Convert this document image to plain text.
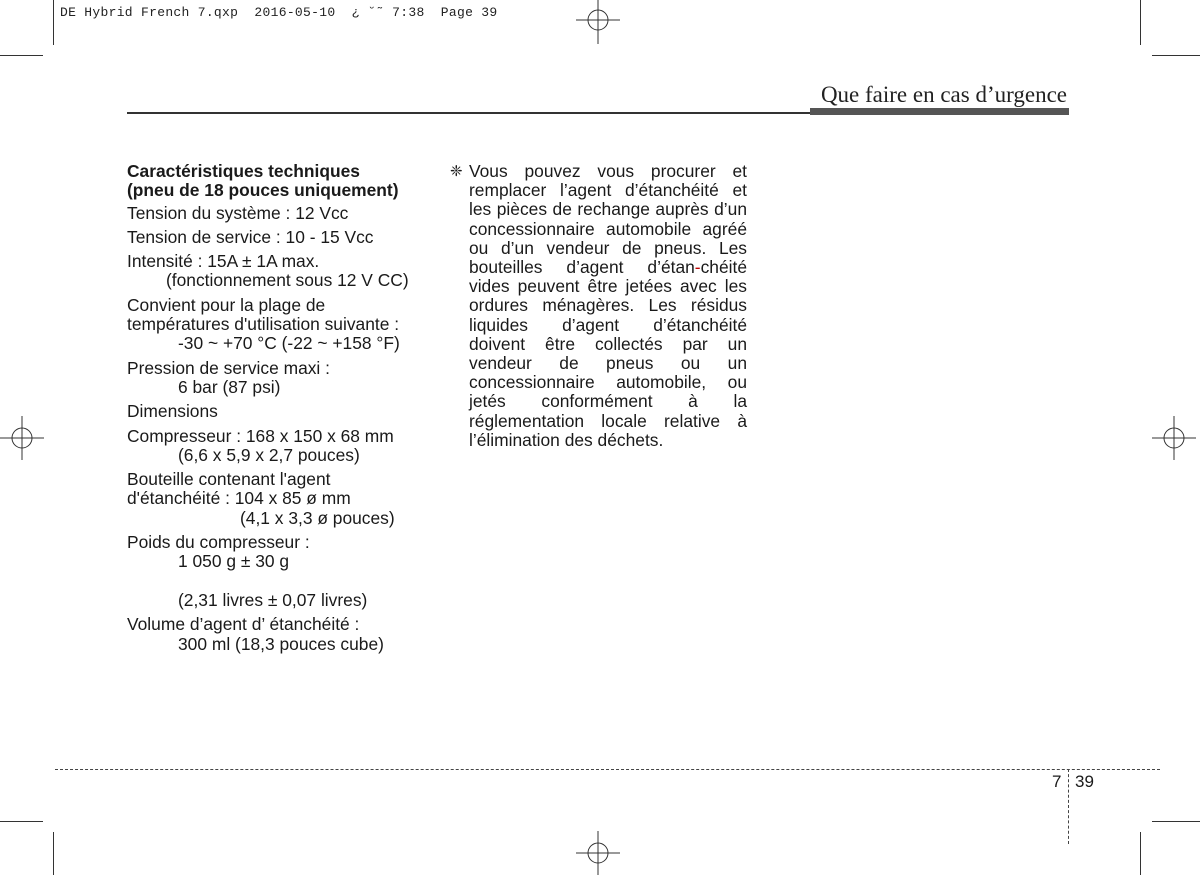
DE Hybrid French 7.qxp  2016-05-10  ¿ ˘˜ 7:38  Page 39
Que faire en cas d’urgence

Caractéristiques techniques
(pneu de 18 pouces uniquement)

Tension du système : 12 Vcc

Tension de service : 10 - 15 Vcc

Intensité : 15A ± 1A max.

(fonctionnement sous 12 V CC)

Convient pour la plage de
températures d'utilisation suivante :

-30 ~ +70 °C (-22 ~ +158 °F)

Pression de service maxi :

6 bar (87 psi)

Dimensions

Compresseur : 168 x 150 x 68 mm

(6,6 x 5,9 x 2,7 pouces)

Bouteille contenant l'agent
d'étanchéité : 104 x 85 ø mm

(4,1 x 3,3 ø pouces)

Poids du compresseur :

1 050 g ± 30 g

(2,31 livres ± 0,07 livres)

Volume d’agent d’ étanchéité :

300 ml (18,3 pouces cube)

❈ Vous pouvez vous procurer et remplacer l’agent d’étanchéité et les pièces de rechange auprès d’un concessionnaire automobile agréé ou d’un vendeur de pneus. Les bouteilles d’agent d’étan-chéité vides peuvent être jetées avec les ordures ménagères. Les résidus liquides d’agent d’étanchéité doivent être collectés par un vendeur de pneus ou un concessionnaire automobile, ou jetés conformément à la réglementation locale relative à l’élimination des déchets.
7 39
